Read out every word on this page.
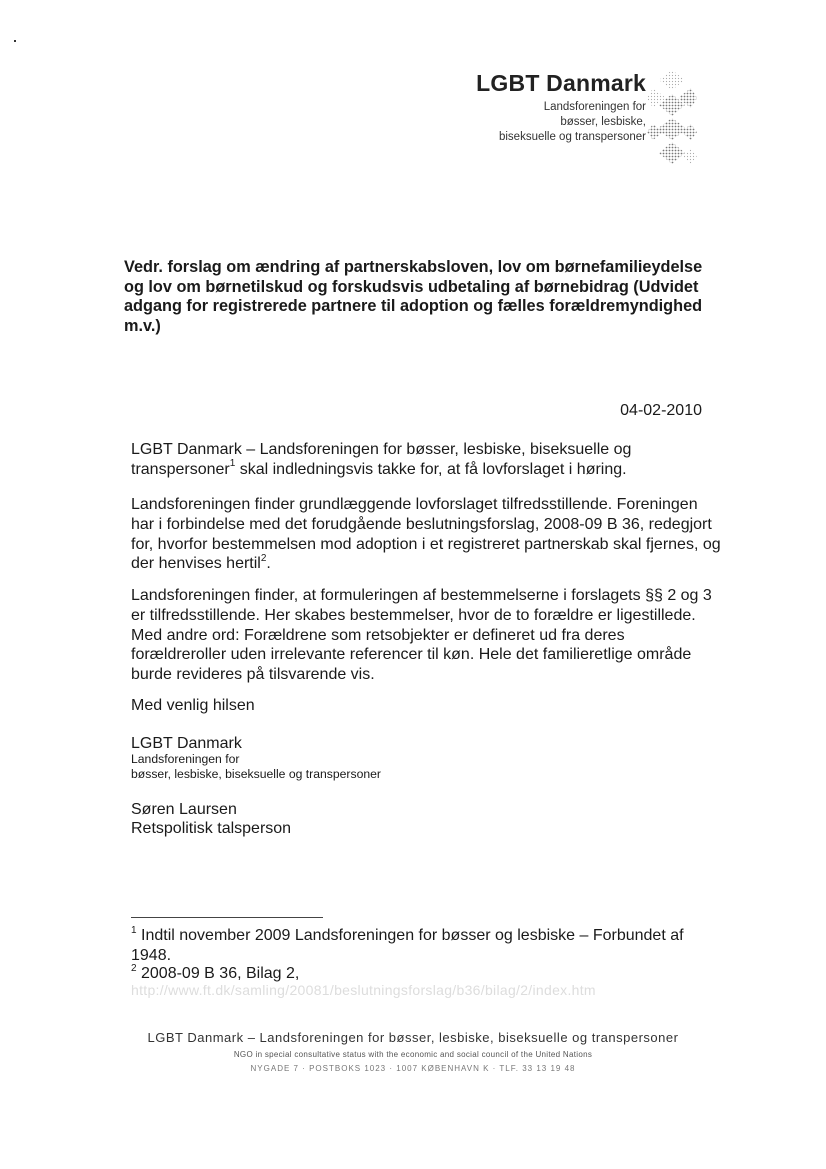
LGBT Danmark
Landsforeningen for
bøsser, lesbiske,
biseksuelle og transpersoner
Vedr. forslag om ændring af partnerskabsloven, lov om børnefamilieydelse og lov om børnetilskud og forskudsvis udbetaling af børnebidrag (Udvidet adgang for registrerede partnere til adoption og fælles forældremyndighed m.v.)
04-02-2010
LGBT Danmark – Landsforeningen for bøsser, lesbiske, biseksuelle og transpersoner$^1$ skal indledningsvis takke for, at få lovforslaget i høring.
Landsforeningen finder grundlæggende lovforslaget tilfredsstillende. Foreningen har i forbindelse med det forudgående beslutningsforslag, 2008-09 B 36, redegjort for, hvorfor bestemmelsen mod adoption i et registreret partnerskab skal fjernes, og der henvises hertil$^2$.
Landsforeningen finder, at formuleringen af bestemmelserne i forslagets §§ 2 og 3 er tilfredsstillende. Her skabes bestemmelser, hvor de to forældre er ligestillede. Med andre ord: Forældrene som retsobjekter er defineret ud fra deres forældreroller uden irrelevante referencer til køn. Hele det familieretlige område burde revideres på tilsvarende vis.
Med venlig hilsen
LGBT Danmark
Landsforeningen for
bøsser, lesbiske, biseksuelle og transpersoner
Søren Laursen
Retspolitisk talsperson
$^1$ Indtil november 2009 Landsforeningen for bøsser og lesbiske – Forbundet af 1948.
$^2$ 2008-09 B 36, Bilag 2,
http://www.ft.dk/samling/20081/beslutningsforslag/b36/bilag/2/index.htm
LGBT Danmark – Landsforeningen for bøsser, lesbiske, biseksuelle og transpersoner
NGO in special consultative status with the economic and social council of the United Nations
NYGADE 7 · POSTBOKS 1023 · 1007 KØBENHAVN K · TLF. 33 13 19 48
